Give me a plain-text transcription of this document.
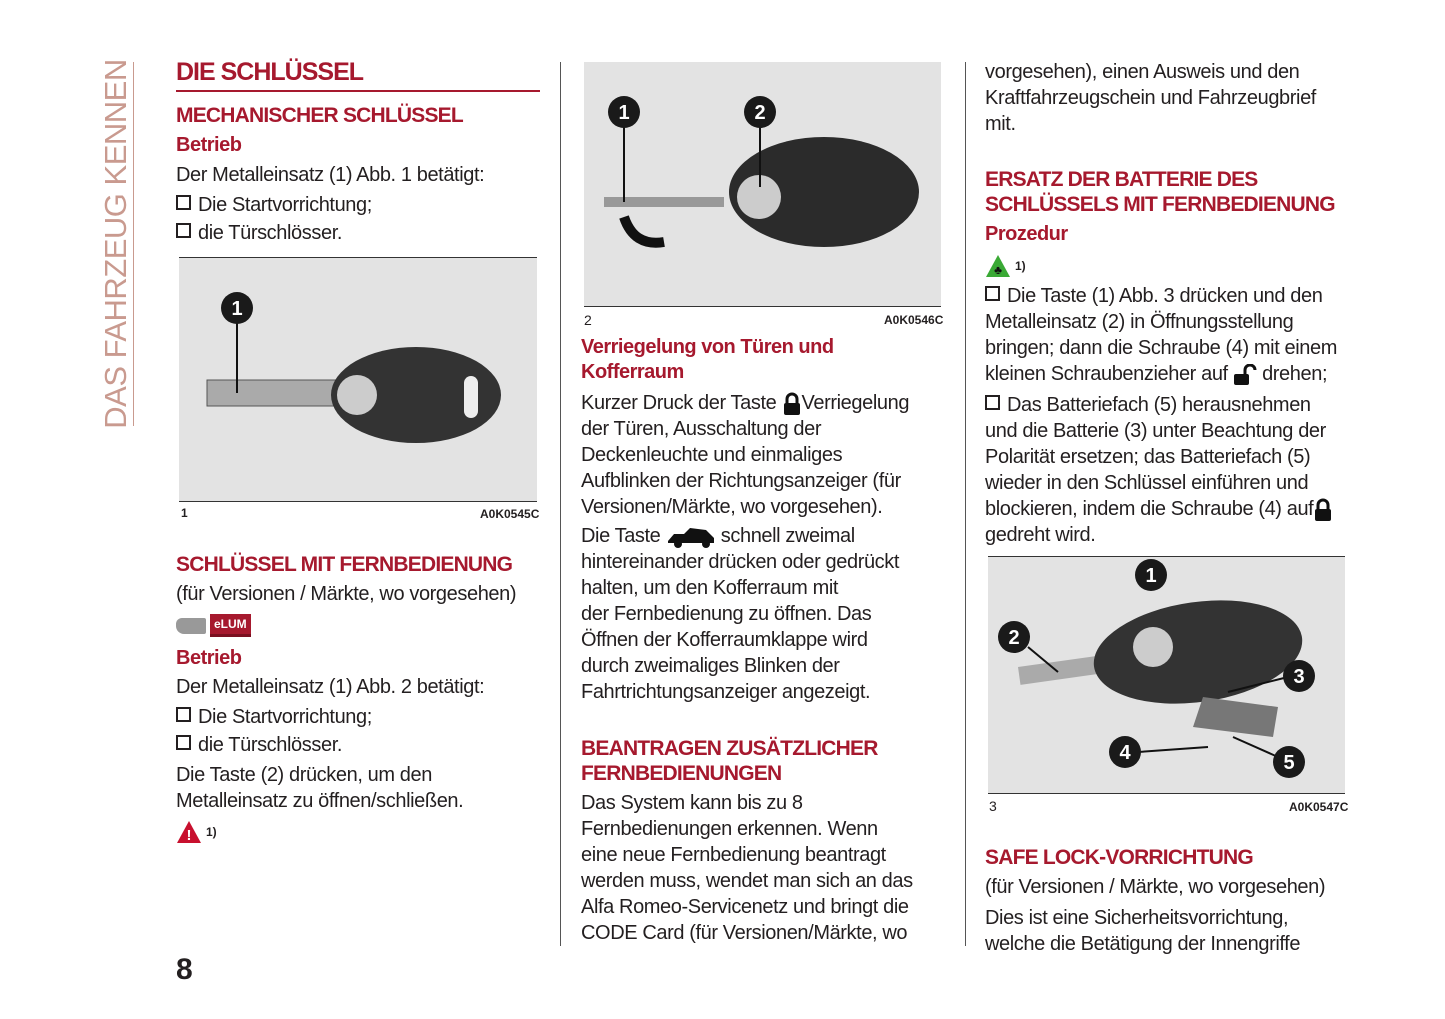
DAS FAHRZEUG KENNEN DIE SCHLÜSSEL
MECHANISCHER SCHLÜSSEL
Betrieb
Der Metalleinsatz (1) Abb. 1 betätigt:
Die Startvorrichtung;
die Türschlösser.
1
1	A0K0545C
SCHLÜSSEL MIT FERNBEDIENUNG
(für Versionen / Märkte, wo vorgesehen)
eLUM
Betrieb
Der Metalleinsatz (1) Abb. 2 betätigt:
Die Startvorrichtung;
die Türschlösser.
Die Taste (2) drücken, um den
Metalleinsatz zu öffnen/schließen.
! 1)
8
1	2
2	A0K0546C
Verriegelung von Türen und
Kofferraum
Kurzer Druck der Taste Verriegelung
der Türen, Ausschaltung der
Deckenleuchte und einmaliges
Aufblinken der Richtungsanzeiger (für
Versionen/Märkte, wo vorgesehen).
Die Taste	schnell zweimal
hintereinander drücken oder gedrückt
halten, um den Kofferraum mit
der Fernbedienung zu öffnen. Das
Öffnen der Kofferraumklappe wird
durch zweimaliges Blinken der
Fahrtrichtungsanzeiger angezeigt.
BEANTRAGEN ZUSÄTZLICHER
FERNBEDIENUNGEN
Das System kann bis zu 8
Fernbedienungen erkennen. Wenn
eine neue Fernbedienung beantragt
werden muss, wendet man sich an das
Alfa Romeo-Servicenetz und bringt die
CODE Card (für Versionen/Märkte, wo
vorgesehen), einen Ausweis und den
Kraftfahrzeugschein und Fahrzeugbrief
mit.
ERSATZ DER BATTERIE DES
SCHLÜSSELS MIT FERNBEDIENUNG
Prozedur
♣ 1)
Die Taste (1) Abb. 3 drücken und den
Metalleinsatz (2) in Öffnungsstellung
bringen; dann die Schraube (4) mit einem
kleinen Schraubenzieher auf drehen;
Das Batteriefach (5) herausnehmen
und die Batterie (3) unter Beachtung der
Polarität ersetzen; das Batteriefach (5)
wieder in den Schlüssel einführen und
blockieren, indem die Schraube (4) auf
gedreht wird.
1
2
3
4	5
3	A0K0547C
SAFE LOCK-VORRICHTUNG
(für Versionen / Märkte, wo vorgesehen)
Dies ist eine Sicherheitsvorrichtung,
welche die Betätigung der Innengriffe
